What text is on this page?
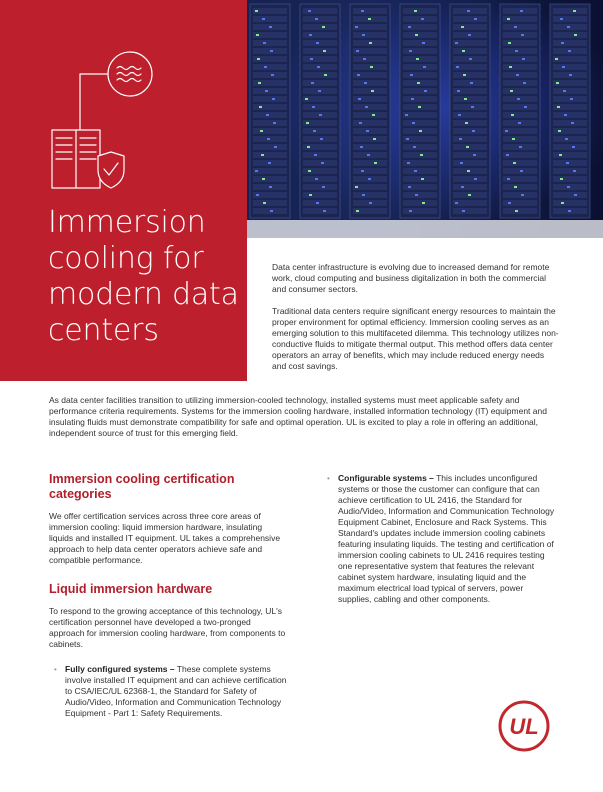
Immersion cooling for modern data centers

Data center infrastructure is evolving due to increased demand for remote work, cloud computing and business digitalization in both the commercial and consumer sectors.

Traditional data centers require significant energy resources to maintain the proper environment for optimal efficiency. Immersion cooling serves as an emerging solution to this multifaceted dilemma. This technology utilizes non-conductive fluids to mitigate thermal output. This method offers data center operators an array of benefits, which may include reduced energy needs and cost savings.

As data center facilities transition to utilizing immersion-cooled technology, installed systems must meet applicable safety and performance criteria requirements. Systems for the immersion cooling hardware, installed information technology (IT) equipment and insulating fluids must demonstrate compatibility for safe and optimal operation. UL is excited to play a role in offering an additional, independent source of trust for this emerging field.

Immersion cooling certification categories

We offer certification services across three core areas of immersion cooling: liquid immersion hardware, insulating liquids and installed IT equipment. UL takes a comprehensive approach to help data center operators achieve safe and compatible performance.

Liquid immersion hardware

To respond to the growing acceptance of this technology, UL's certification personnel have developed a two-pronged approach for immersion cooling hardware, from components to cabinets.

• Fully configured systems – These complete systems involve installed IT equipment and can achieve certification to CSA/IEC/UL 62368-1, the Standard for Safety of Audio/Video, Information and Communication Technology Equipment - Part 1: Safety Requirements.
• Configurable systems – This includes unconfigured systems or those the customer can configure that can achieve certification to UL 2416, the Standard for Audio/Video, Information and Communication Technology Equipment Cabinet, Enclosure and Rack Systems. This Standard's updates include immersion cooling cabinets featuring insulating liquids. The testing and certification of immersion cooling cabinets to UL 2416 requires testing one representative system that features the relevant cabinet system hardware, insulating liquid and the maximum electrical load typical of servers, power supplies, cabling and other components.
UL
